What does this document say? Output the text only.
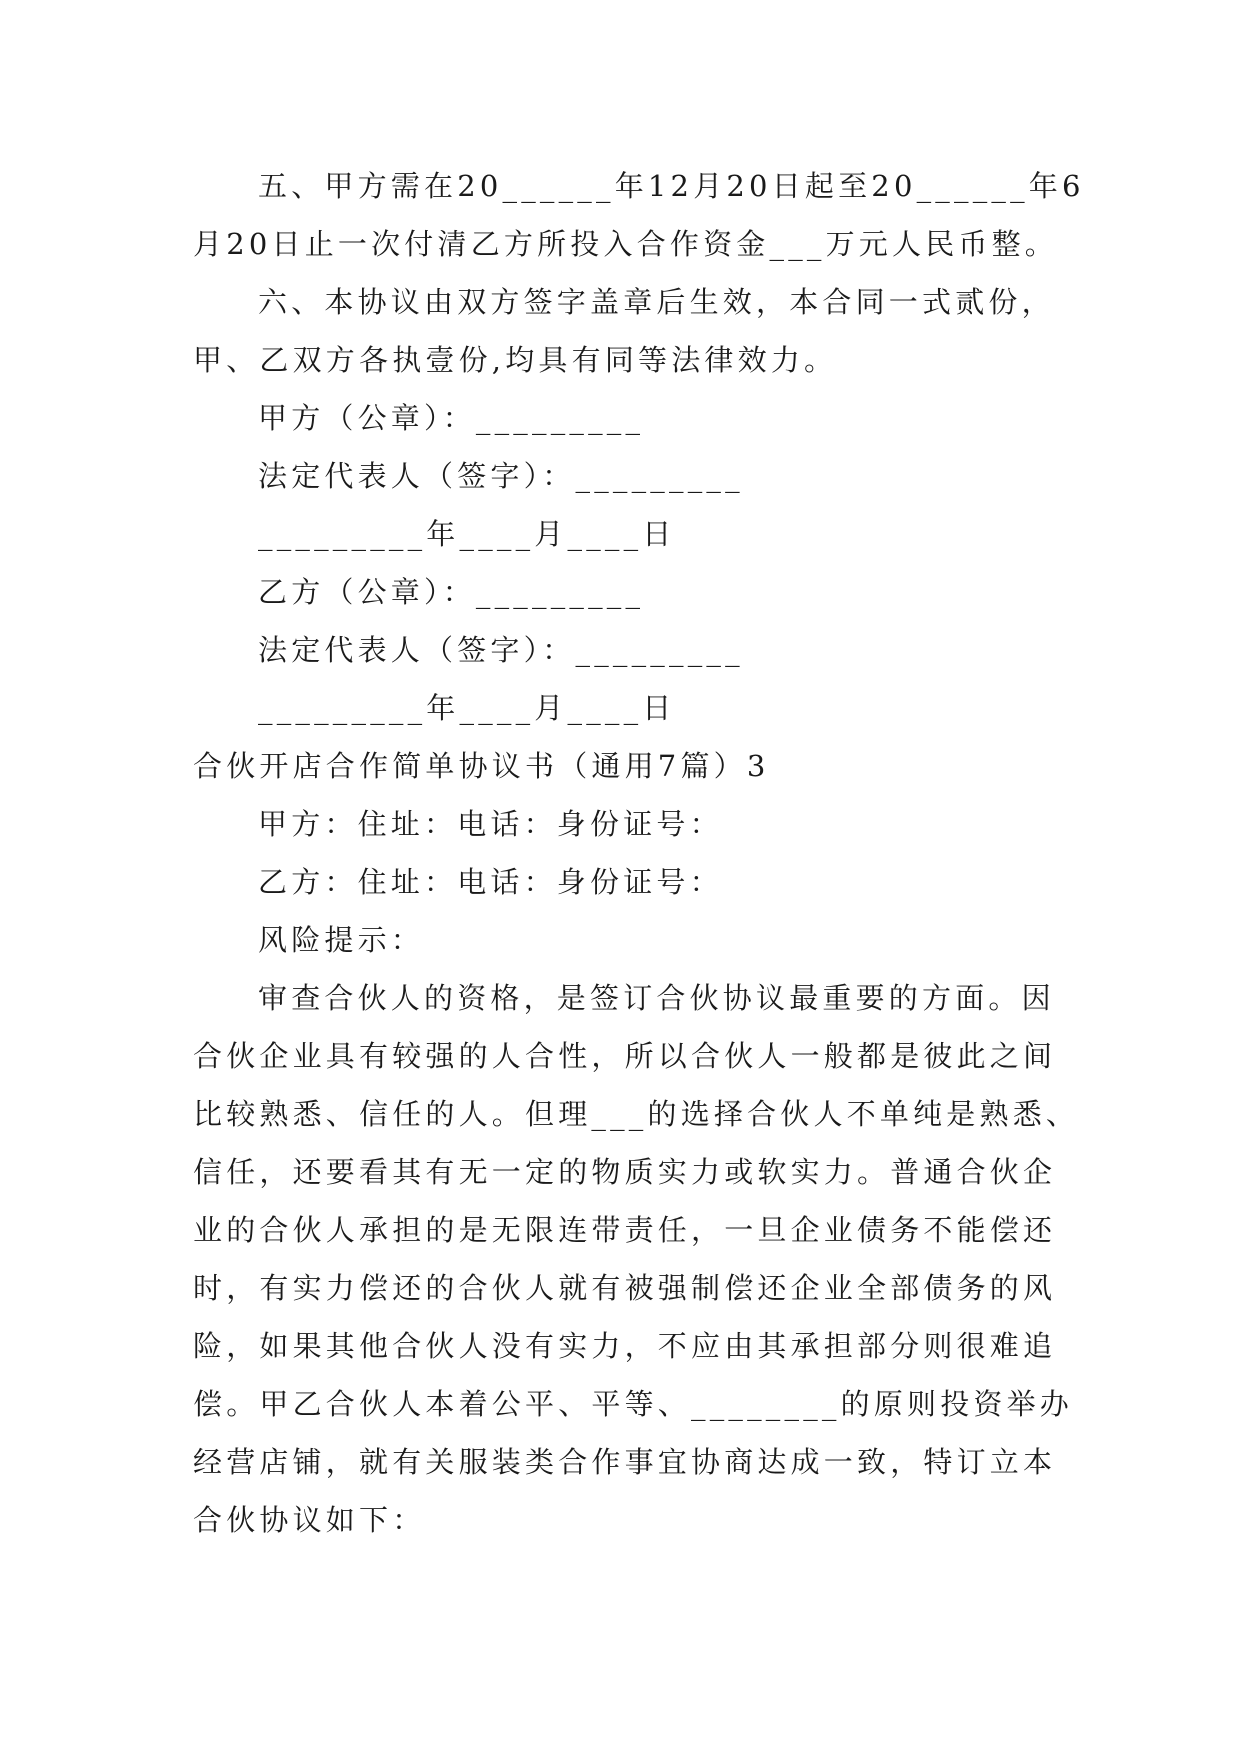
五、甲方需在20______年12月20日起至20______年6
月20日止一次付清乙方所投入合作资金___万元人民币整。
六、本协议由双方签字盖章后生效，本合同一式贰份，
甲、乙双方各执壹份,均具有同等法律效力。
甲方（公章）：_________
法定代表人（签字）：_________
_________年____月____日
乙方（公章）：_________
法定代表人（签字）：_________
_________年____月____日
合伙开店合作简单协议书（通用7篇）3
甲方：住址：电话：身份证号：
乙方：住址：电话：身份证号：
风险提示：
审查合伙人的资格，是签订合伙协议最重要的方面。因
合伙企业具有较强的人合性，所以合伙人一般都是彼此之间
比较熟悉、信任的人。但理___的选择合伙人不单纯是熟悉、
信任，还要看其有无一定的物质实力或软实力。普通合伙企
业的合伙人承担的是无限连带责任，一旦企业债务不能偿还
时，有实力偿还的合伙人就有被强制偿还企业全部债务的风
险，如果其他合伙人没有实力，不应由其承担部分则很难追
偿。甲乙合伙人本着公平、平等、________的原则投资举办
经营店铺，就有关服装类合作事宜协商达成一致，特订立本
合伙协议如下：
